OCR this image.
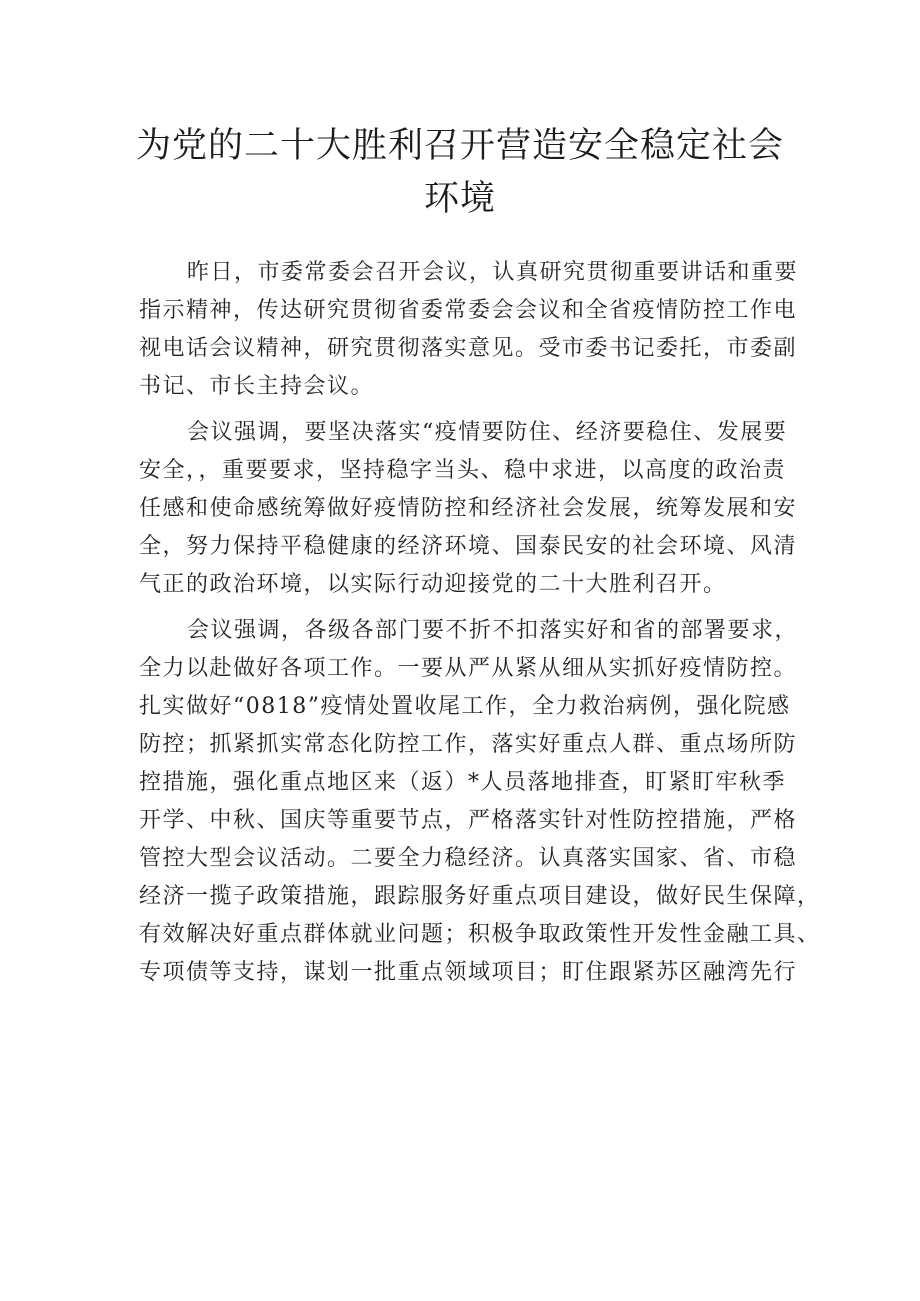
为党的二十大胜利召开营造安全稳定社会
环境

昨日，市委常委会召开会议，认真研究贯彻重要讲话和重要
指示精神，传达研究贯彻省委常委会会议和全省疫情防控工作电
视电话会议精神，研究贯彻落实意见。受市委书记委托，市委副
书记、市长主持会议。

会议强调，要坚决落实“疫情要防住、经济要稳住、发展要
安全，，重要要求，坚持稳字当头、稳中求进，以高度的政治责
任感和使命感统筹做好疫情防控和经济社会发展，统筹发展和安
全，努力保持平稳健康的经济环境、国泰民安的社会环境、风清
气正的政治环境，以实际行动迎接党的二十大胜利召开。

会议强调，各级各部门要不折不扣落实好和省的部署要求，
全力以赴做好各项工作。一要从严从紧从细从实抓好疫情防控。
扎实做好“0818”疫情处置收尾工作，全力救治病例，强化院感
防控；抓紧抓实常态化防控工作，落实好重点人群、重点场所防
控措施，强化重点地区来（返）*人员落地排查，盯紧盯牢秋季
开学、中秋、国庆等重要节点，严格落实针对性防控措施，严格
管控大型会议活动。二要全力稳经济。认真落实国家、省、市稳
经济一揽子政策措施，跟踪服务好重点项目建设，做好民生保障，
有效解决好重点群体就业问题；积极争取政策性开发性金融工具、
专项债等支持，谋划一批重点领域项目；盯住跟紧苏区融湾先行
